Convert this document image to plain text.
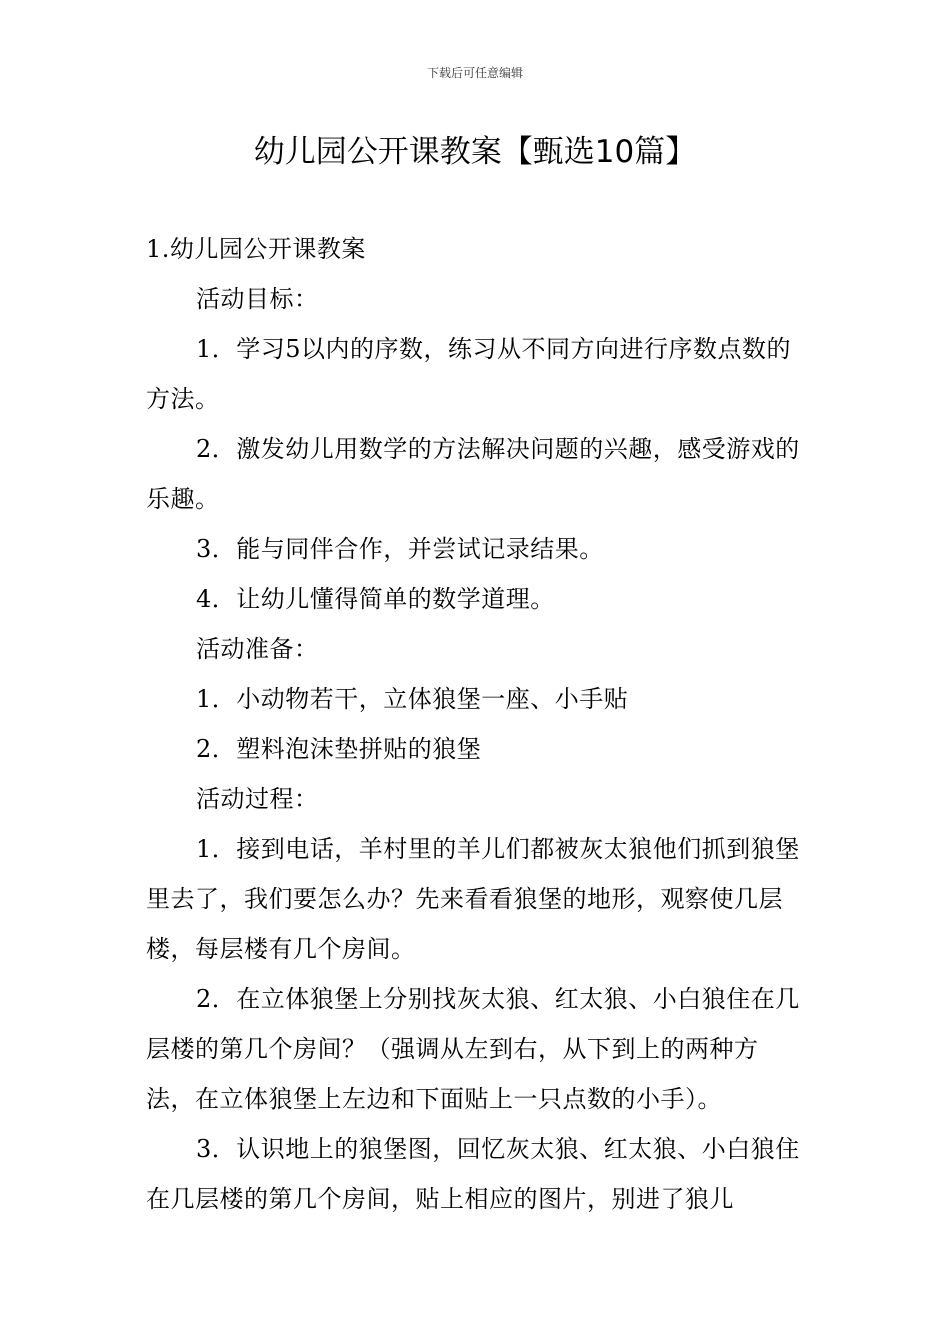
下载后可任意编辑
幼儿园公开课教案【甄选10篇】

1.幼儿园公开课教案

活动目标：

1．学习5以内的序数，练习从不同方向进行序数点数的方法。

2．激发幼儿用数学的方法解决问题的兴趣，感受游戏的乐趣。

3．能与同伴合作，并尝试记录结果。

4．让幼儿懂得简单的数学道理。

活动准备：

1．小动物若干，立体狼堡一座、小手贴

2．塑料泡沫垫拼贴的狼堡

活动过程：

1．接到电话，羊村里的羊儿们都被灰太狼他们抓到狼堡里去了，我们要怎么办？先来看看狼堡的地形，观察使几层楼，每层楼有几个房间。

2．在立体狼堡上分别找灰太狼、红太狼、小白狼住在几层楼的第几个房间？（强调从左到右，从下到上的两种方法，在立体狼堡上左边和下面贴上一只点数的小手）。

3．认识地上的狼堡图，回忆灰太狼、红太狼、小白狼住在几层楼的第几个房间，贴上相应的图片，别进了狼儿
